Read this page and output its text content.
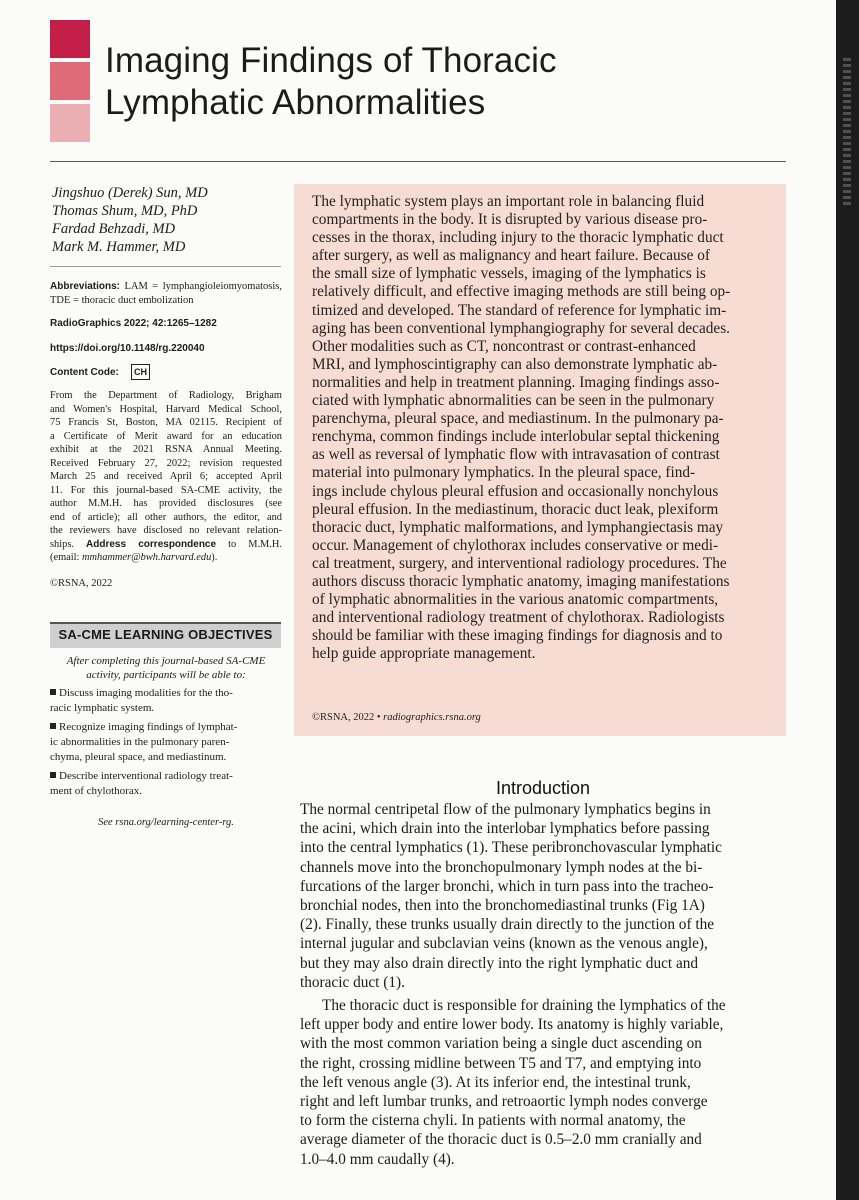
Imaging Findings of Thoracic
Lymphatic Abnormalities
Jingshuo (Derek) Sun, MD
Thomas Shum, MD, PhD
Fardad Behzadi, MD
Mark M. Hammer, MD
Abbreviations: LAM = lymphangioleiomyomatosis, TDE = thoracic duct embolization
RadioGraphics 2022; 42:1265–1282
https://doi.org/10.1148/rg.220040
Content Code:	CH

From the Department of Radiology, Brigham
and Women's Hospital, Harvard Medical School,
75 Francis St, Boston, MA 02115. Recipient of
a Certificate of Merit award for an education
exhibit at the 2021 RSNA Annual Meeting.
Received February 27, 2022; revision requested
March 25 and received April 6; accepted April
11. For this journal-based SA-CME activity, the
author M.M.H. has provided disclosures (see
end of article); all other authors, the editor, and
the reviewers have disclosed no relevant relation-
ships. Address correspondence to M.M.H.
(email: mmhammer@bwh.harvard.edu).

©RSNA, 2022
SA-CME LEARNING OBJECTIVES
After completing this journal-based SA-CME
activity, participants will be able to:
Discuss imaging modalities for the tho-
racic lymphatic system.
Recognize imaging findings of lymphat-
ic abnormalities in the pulmonary paren-
chyma, pleural space, and mediastinum.
Describe interventional radiology treat-
ment of chylothorax.
See rsna.org/learning-center-rg.

The lymphatic system plays an important role in balancing fluid
compartments in the body. It is disrupted by various disease pro-
cesses in the thorax, including injury to the thoracic lymphatic duct
after surgery, as well as malignancy and heart failure. Because of
the small size of lymphatic vessels, imaging of the lymphatics is
relatively difficult, and effective imaging methods are still being op-
timized and developed. The standard of reference for lymphatic im-
aging has been conventional lymphangiography for several decades.
Other modalities such as CT, noncontrast or contrast-enhanced
MRI, and lymphoscintigraphy can also demonstrate lymphatic ab-
normalities and help in treatment planning. Imaging findings asso-
ciated with lymphatic abnormalities can be seen in the pulmonary
parenchyma, pleural space, and mediastinum. In the pulmonary pa-
renchyma, common findings include interlobular septal thickening
as well as reversal of lymphatic flow with intravasation of contrast
material into pulmonary lymphatics. In the pleural space, find-
ings include chylous pleural effusion and occasionally nonchylous
pleural effusion. In the mediastinum, thoracic duct leak, plexiform
thoracic duct, lymphatic malformations, and lymphangiectasis may
occur. Management of chylothorax includes conservative or medi-
cal treatment, surgery, and interventional radiology procedures. The
authors discuss thoracic lymphatic anatomy, imaging manifestations
of lymphatic abnormalities in the various anatomic compartments,
and interventional radiology treatment of chylothorax. Radiologists
should be familiar with these imaging findings for diagnosis and to
help guide appropriate management.

©RSNA, 2022 • radiographics.rsna.org
Introduction

The normal centripetal flow of the pulmonary lymphatics begins in
the acini, which drain into the interlobar lymphatics before passing
into the central lymphatics (1). These peribronchovascular lymphatic
channels move into the bronchopulmonary lymph nodes at the bi-
furcations of the larger bronchi, which in turn pass into the tracheo-
bronchial nodes, then into the bronchomediastinal trunks (Fig 1A)
(2). Finally, these trunks usually drain directly to the junction of the
internal jugular and subclavian veins (known as the venous angle),
but they may also drain directly into the right lymphatic duct and
thoracic duct (1).

The thoracic duct is responsible for draining the lymphatics of the
left upper body and entire lower body. Its anatomy is highly variable,
with the most common variation being a single duct ascending on
the right, crossing midline between T5 and T7, and emptying into
the left venous angle (3). At its inferior end, the intestinal trunk,
right and left lumbar trunks, and retroaortic lymph nodes converge
to form the cisterna chyli. In patients with normal anatomy, the
average diameter of the thoracic duct is 0.5–2.0 mm cranially and
1.0–4.0 mm caudally (4).
